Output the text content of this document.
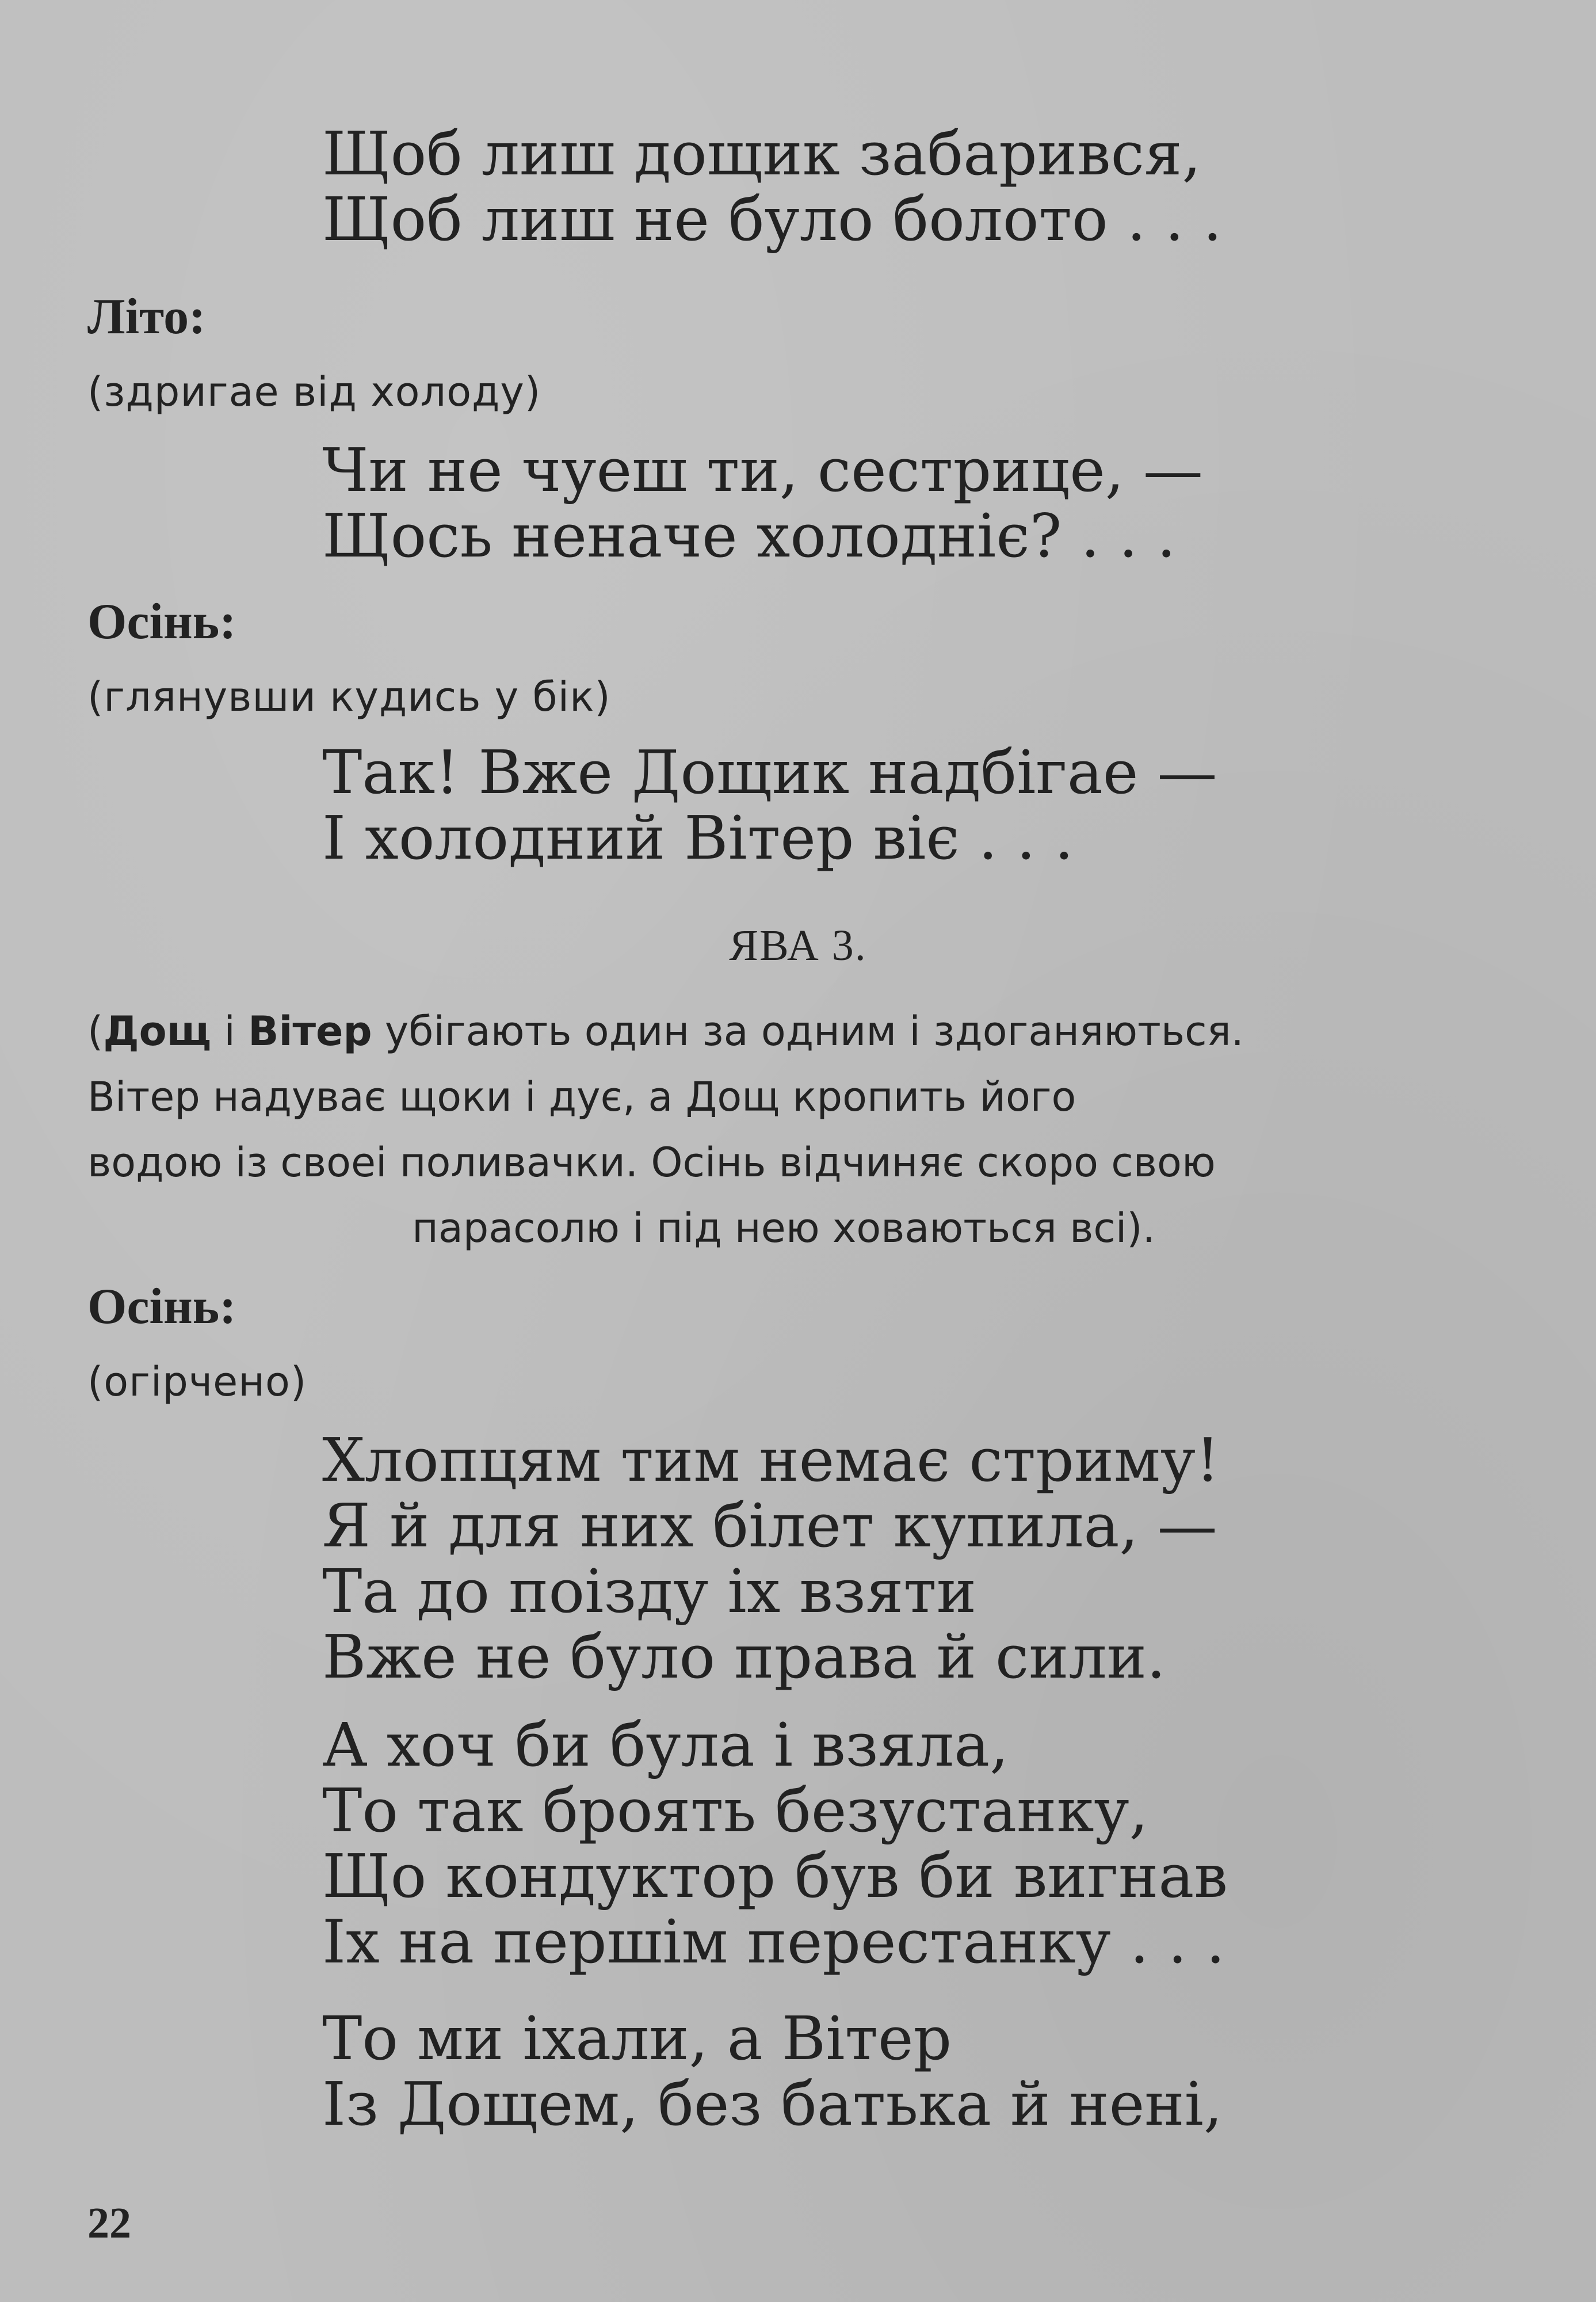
Щоб лиш дощик забарився,
Щоб лиш не було болото . . .
Літо:
(здригае від холоду)
Чи не чуеш ти, сестрице, —
Щось неначе холодніє? . . .
Осінь:
(глянувши кудись у бік)
Так! Вже Дощик надбігае —
І холодний Вітер віє . . .
ЯВА 3.
(Дощ і Вітер убігають один за одним і здоганяються.
Вітер надуває щоки і дує, а Дощ кропить його
водою із своеі поливачки. Осінь відчиняє скоро свою
парасолю і під нею ховаються всі).
Осінь:
(огірчено)
Хлопцям тим немає стриму!
Я й для них білет купила, —
Та до поізду іх взяти
Вже не було права й сили.
А хоч би була і взяла,
То так броять безустанку,
Що кондуктор був би вигнав
Іх на першім перестанку . . .
То ми іхали, а Вітер
Із Дощем, без батька й нені,
22
